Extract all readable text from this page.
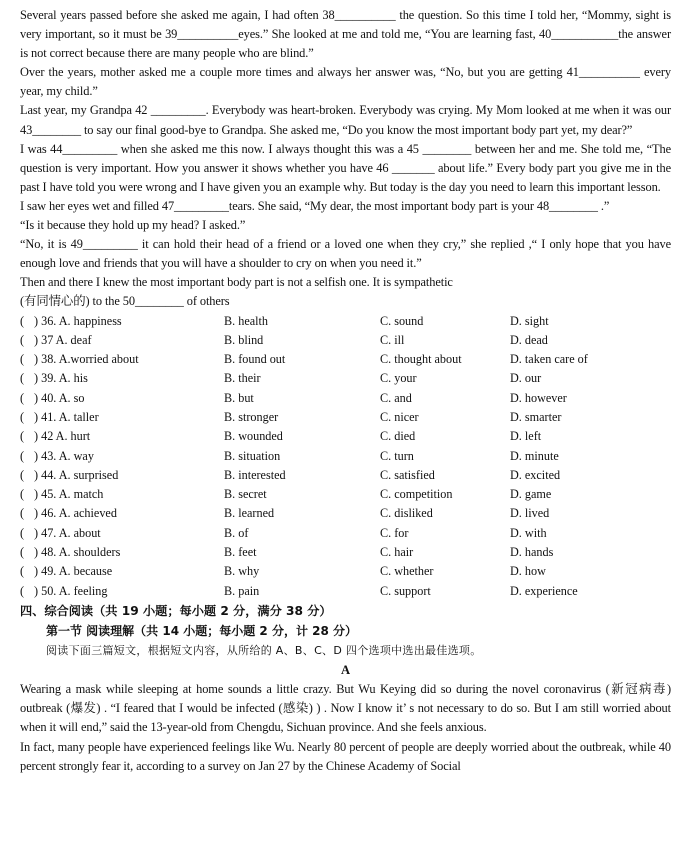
Several years passed before she asked me again, I had often 38__________ the question. So this time I told her, “Mommy, sight is very important, so it must be 39__________eyes.” She looked at me and told me, “You are learning fast, 40___________the answer is not correct because there are many people who are blind.”

Over the years, mother asked me a couple more times and always her answer was, “No, but you are getting 41__________ every year, my child.”

Last year, my Grandpa 42 _________. Everybody was heart-broken. Everybody was crying. My Mom looked at me when it was our 43________ to say our final good-bye to Grandpa. She asked me, “Do you know the most important body part yet, my dear?”

I was 44_________ when she asked me this now. I always thought this was a 45 ________ between her and me. She told me, “The question is very important. How you answer it shows whether you have 46 _______ about life.” Every body part you give me in the past I have told you were wrong and I have given you an example why. But today is the day you need to learn this important lesson.

I saw her eyes wet and filled 47_________tears. She said, “My dear, the most important body part is your 48________ .”

“Is it because they hold up my head? I asked.”

“No, it is 49_________ it can hold their head of a friend or a loved one when they cry,” she replied ,“ I only hope that you have enough love and friends that you will have a shoulder to cry on when you need it.”

Then and there I knew the most important body part is not a selfish one. It is sympathetic

(有同情心的) to the 50________ of others

( ) 36. A. happiness	B. health	C. sound	D. sight
( ) 37 A. deaf	B. blind	C. ill	D. dead
( ) 38. A.worried about	B. found out	C. thought about	D. taken care of
( ) 39. A. his	B. their	C. your	D. our
( ) 40. A. so	B. but	C. and	D. however
( ) 41. A. taller	B. stronger	C. nicer	D. smarter
( ) 42 A. hurt	B. wounded	C. died	D. left
( ) 43. A. way	B. situation	C. turn	D. minute
( ) 44. A. surprised	B. interested	C. satisfied	D. excited
( ) 45. A. match	B. secret	C. competition	D. game
( ) 46. A. achieved	B. learned	C. disliked	D. lived
( ) 47. A. about	B. of	C. for	D. with
( ) 48. A. shoulders	B. feet	C. hair	D. hands
( ) 49. A. because	B. why	C. whether	D. how
( ) 50. A. feeling	B. pain	C. support	D. experience

四、综合阅读（共 19 小题；每小题 2 分，满分 38 分）

第一节 阅读理解（共 14 小题；每小题 2 分，计 28 分）

阅读下面三篇短文，根据短文内容，从所给的 A、B、C、D 四个选项中选出最佳选项。

A

Wearing a mask while sleeping at home sounds a little crazy. But Wu Keying did so during the novel coronavirus (新冠病毒) outbreak (爆发) . “I feared that I would be infected (感染) ) . Now I know it’ s not necessary to do so. But I am still worried about when it will end,” said the 13-year-old from Chengdu, Sichuan province. And she feels anxious.

In fact, many people have experienced feelings like Wu. Nearly 80 percent of people are deeply worried about the outbreak, while 40 percent strongly fear it, according to a survey on Jan 27 by the Chinese Academy of Social
